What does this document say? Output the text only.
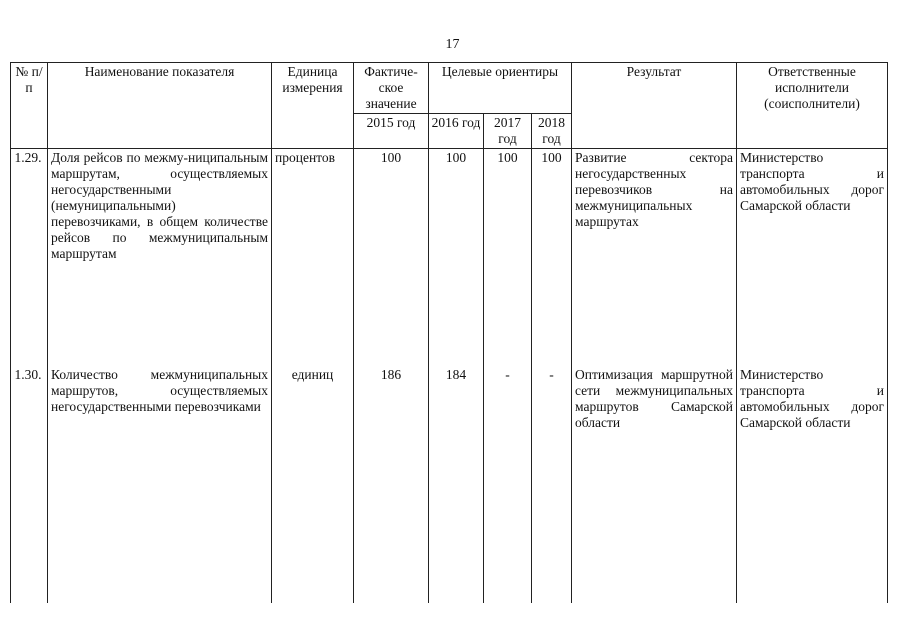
17
№ п/п	Наименование показателя	Единица измерения	Фактиче-ское значение	Целевые ориентиры			Результат	Ответственные исполнители (соисполнители)
			2015 год	2016 год	2017 год	2018 год		
1.29.	Доля рейсов по межму-ниципальным маршрутам, осуществляемых негосударственными (немуниципальными) перевозчиками, в общем количестве рейсов по межмуниципальным маршрутам	процентов	100	100	100	100	Развитие сектора негосударственных перевозчиков на межмуниципальных маршрутах	Министерство транспорта и автомобильных дорог Самарской области
1.30.	Количество межмуниципальных маршрутов, осуществляемых негосударственными перевозчиками	единиц	186	184	-	-	Оптимизация маршрутной сети межмуниципальных маршрутов Самарской области	Министерство транспорта и автомобильных дорог Самарской области
